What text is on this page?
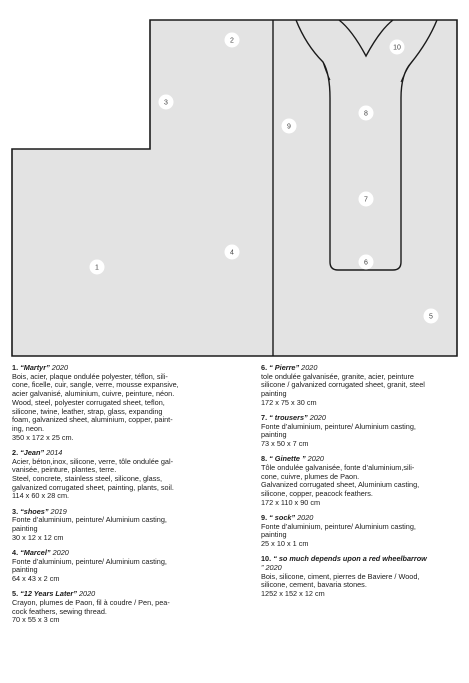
1
2
3
4
5
6
7
8
9
10
1. “Martyr” 2020
Bois, acier, plaque ondulée polyester, téflon, sili-
cone, ficelle, cuir, sangle, verre, mousse expansive,
acier galvanisé, aluminium, cuivre, peinture, néon.
Wood, steel, polyester corrugated sheet, teflon,
silicone, twine, leather, strap, glass, expanding
foam, galvanized sheet, aluminium, copper, paint-
ing, neon.
350 x 172 x 25 cm.
2. “Jean” 2014
Acier, béton,inox, silicone, verre, tôle ondulée gal-
vanisée, peinture, plantes, terre.
Steel, concrete, stainless steel, silicone, glass,
galvanized corrugated sheet, painting, plants, soil.
114 x 60 x 28 cm.
3. “shoes” 2019
Fonte d’aluminium, peinture/ Aluminium casting,
painting
30 x 12 x 12 cm
4. “Marcel” 2020
Fonte d’aluminium, peinture/ Aluminium casting,
painting
64 x 43 x 2 cm
5. “12 Years Later” 2020
Crayon, plumes de Paon, fil à coudre / Pen, pea-
cock feathers, sewing thread.
70 x 55 x 3 cm
6. “ Pierre” 2020
tole ondulée galvanisée, granite, acier, peinture
silicone / galvanized corrugated sheet, granit, steel
painting
172 x 75 x 30 cm
7. “ trousers” 2020
Fonte d’aluminium, peinture/ Aluminium casting,
painting
73 x 50 x 7 cm
8. “ Ginette ” 2020
Tôle ondulée galvanisée, fonte d’aluminium,sili-
cone, cuivre, plumes de Paon.
Galvanized corrugated sheet, Aluminium casting,
silicone, copper, peacock feathers.
172 x 110 x 90 cm
9. “ sock” 2020
Fonte d’aluminium, peinture/ Aluminium casting,
painting
25 x 10 x 1 cm
10. “ so much depends upon a red wheelbarrow
” 2020
Bois, silicone, ciment, pierres de Baviere / Wood,
silicone, cement, bavaria stones.
1252 x 152 x 12 cm
